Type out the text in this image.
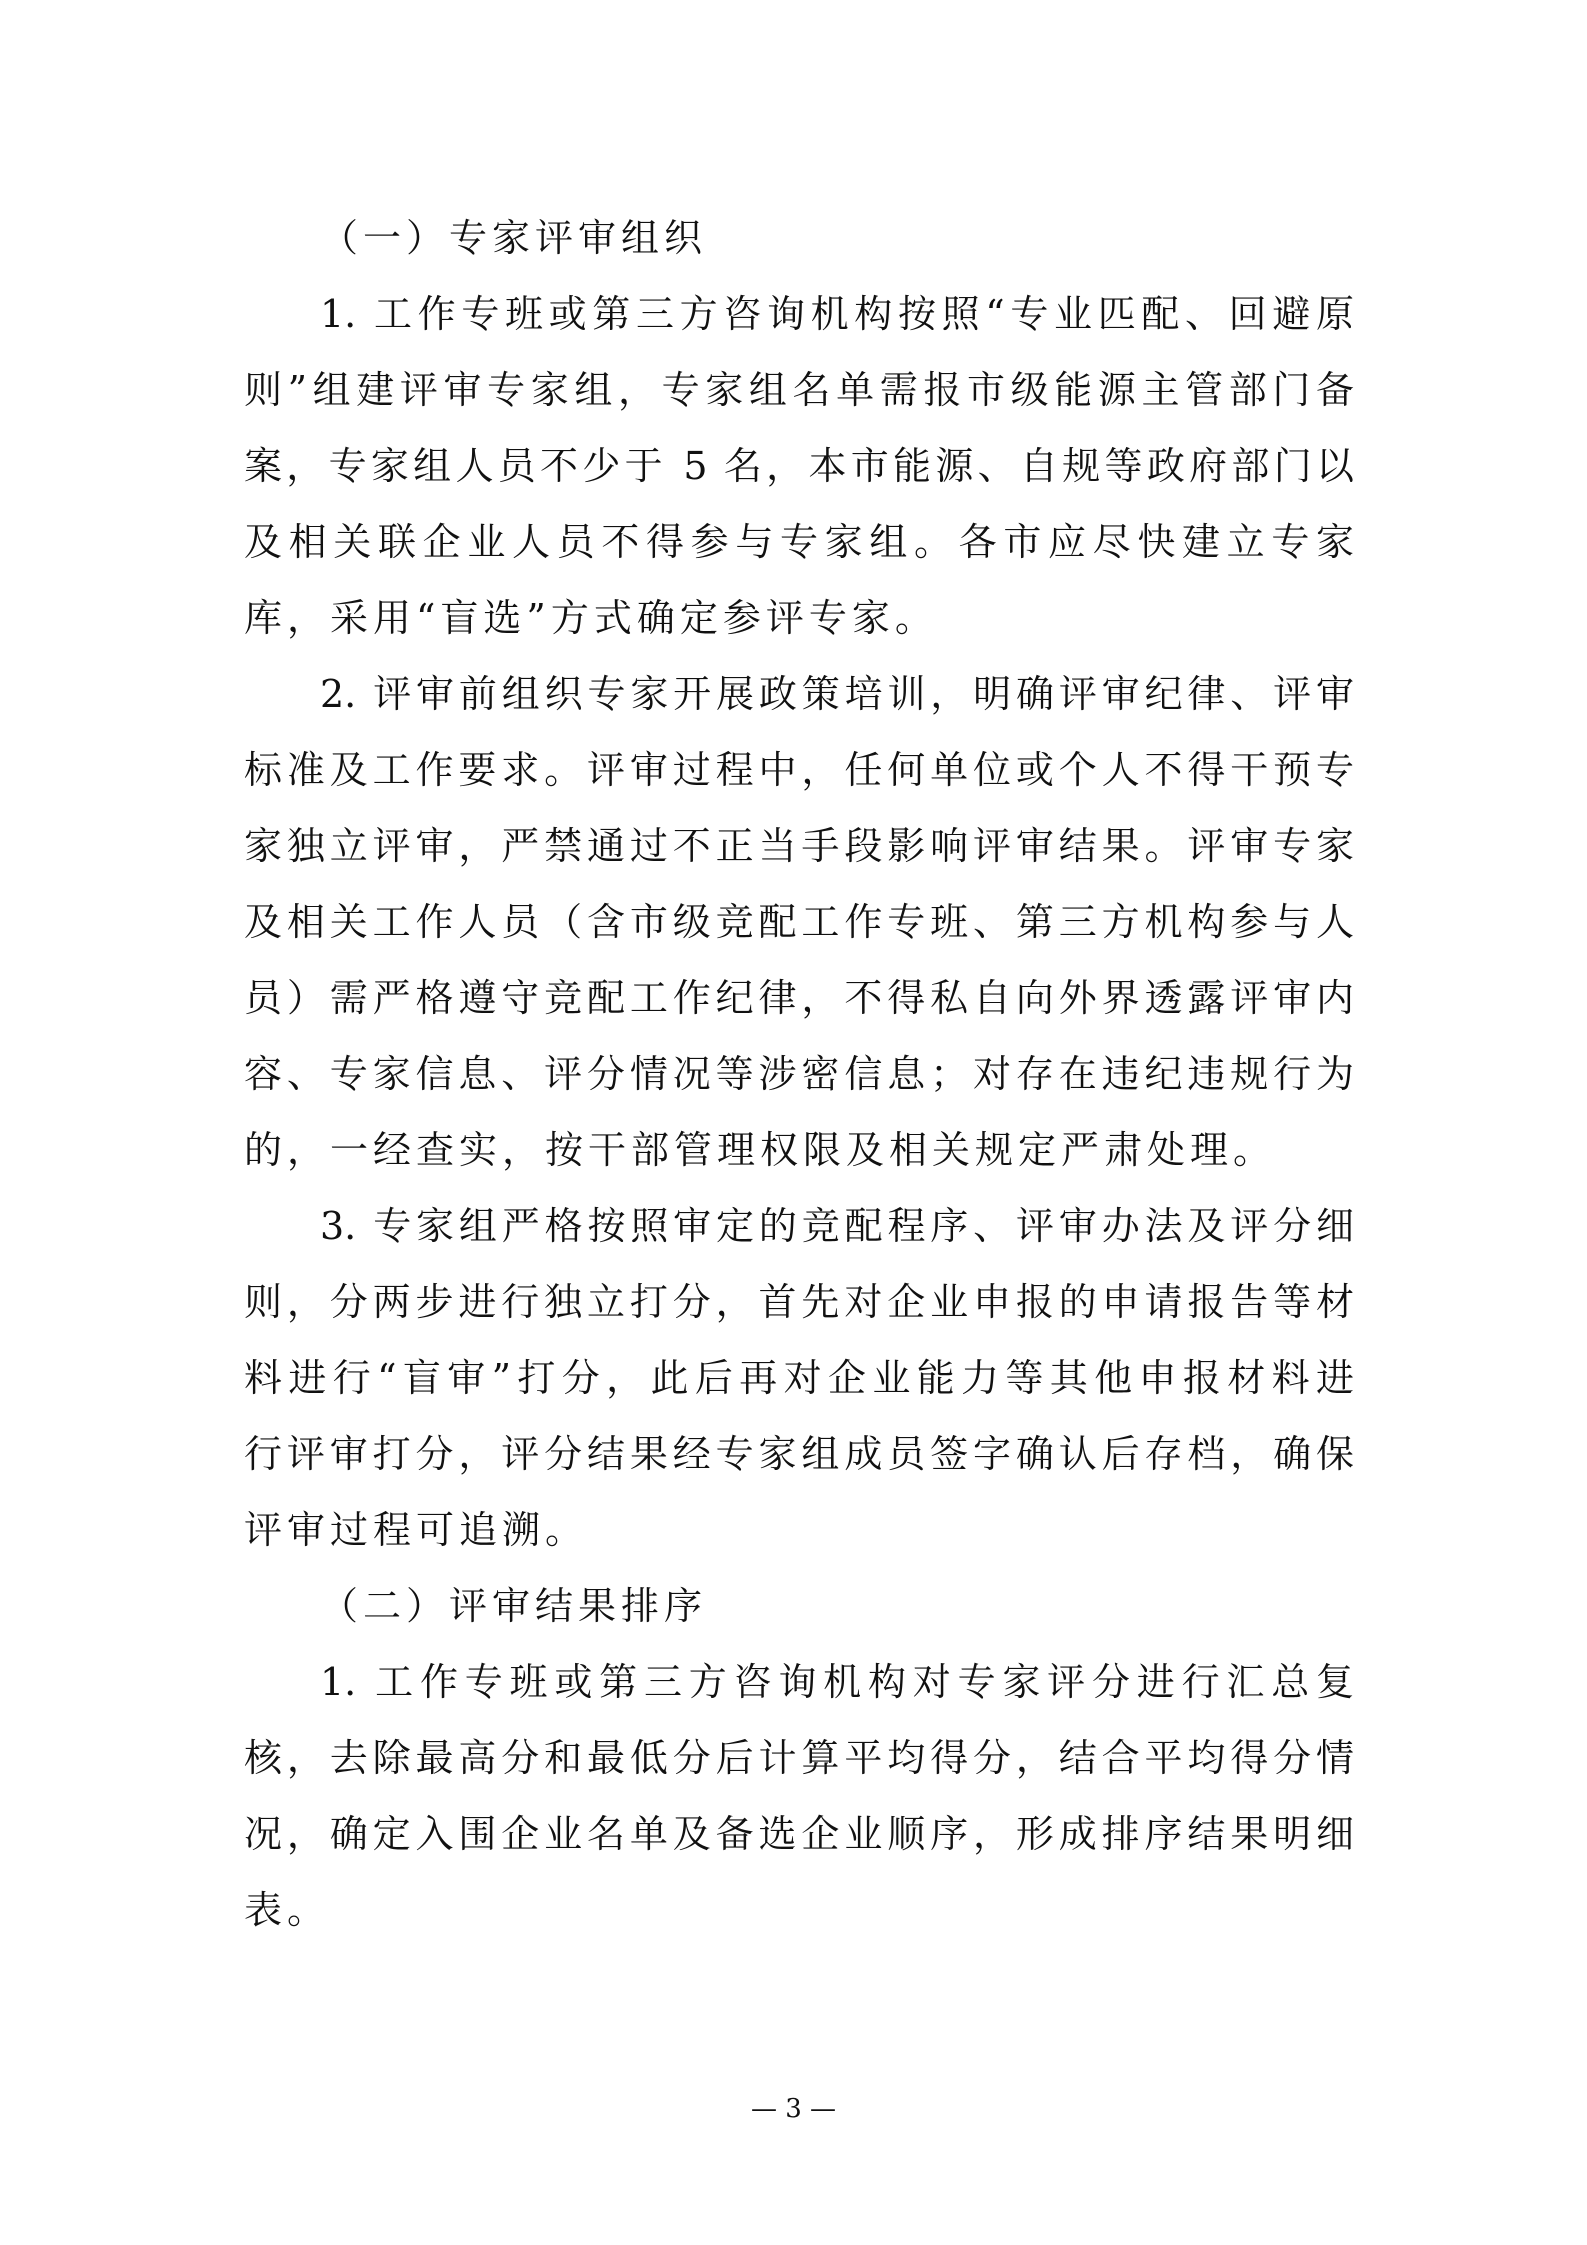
（一）专家评审组织
1. 工作专班或第三方咨询机构按照“专业匹配、回避原
则”组建评审专家组，专家组名单需报市级能源主管部门备
案，专家组人员不少于 5 名，本市能源、自规等政府部门以
及相关联企业人员不得参与专家组。各市应尽快建立专家
库，采用“盲选”方式确定参评专家。
2. 评审前组织专家开展政策培训，明确评审纪律、评审
标准及工作要求。评审过程中，任何单位或个人不得干预专
家独立评审，严禁通过不正当手段影响评审结果。评审专家
及相关工作人员（含市级竞配工作专班、第三方机构参与人
员）需严格遵守竞配工作纪律，不得私自向外界透露评审内
容、专家信息、评分情况等涉密信息；对存在违纪违规行为
的，一经查实，按干部管理权限及相关规定严肃处理。
3. 专家组严格按照审定的竞配程序、评审办法及评分细
则，分两步进行独立打分，首先对企业申报的申请报告等材
料进行“盲审”打分，此后再对企业能力等其他申报材料进
行评审打分，评分结果经专家组成员签字确认后存档，确保
评审过程可追溯。
（二）评审结果排序
1. 工作专班或第三方咨询机构对专家评分进行汇总复
核，去除最高分和最低分后计算平均得分，结合平均得分情
况，确定入围企业名单及备选企业顺序，形成排序结果明细
表。
— 3 —
